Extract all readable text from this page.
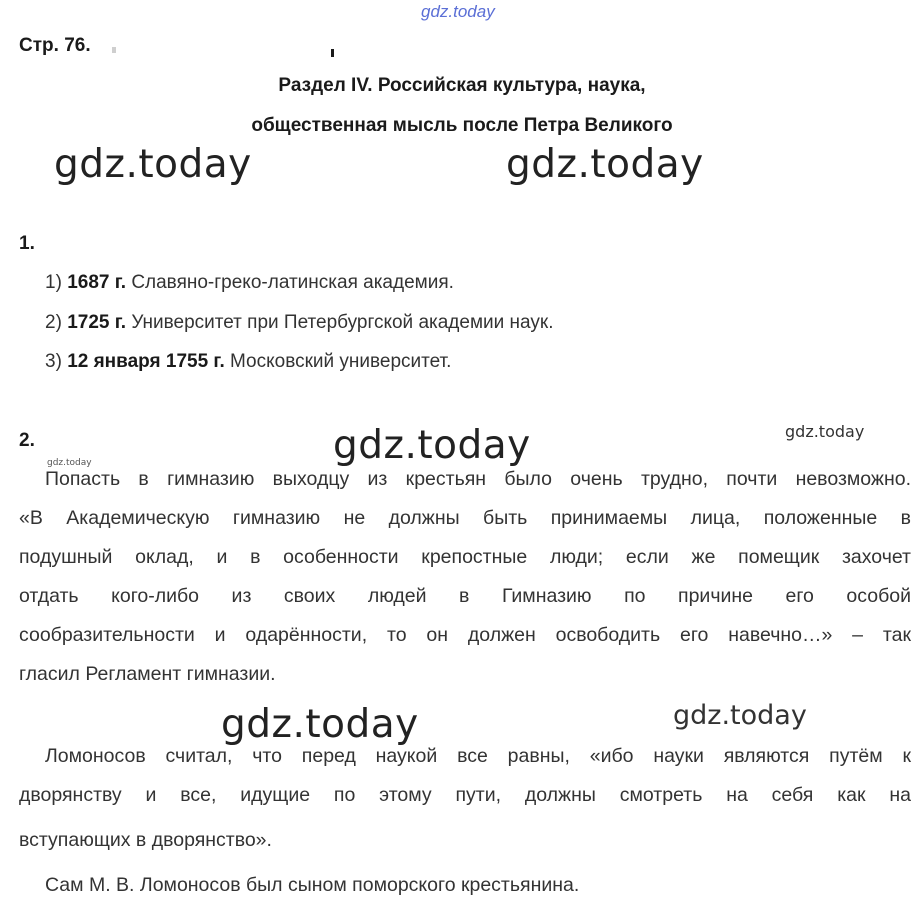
gdz.today
gdz.today	gdz.today
gdz.today	gdz.today
gdz.today
gdz.today	gdz.today
Стр. 76.
Раздел IV. Российская культура, наука,
общественная мысль после Петра Великого
1.
1) 1687 г. Славяно-греко-латинская академия.
2) 1725 г. Университет при Петербургской академии наук.
3) 12 января 1755 г. Московский университет.
2.
Попасть в гимназию выходцу из крестьян было очень трудно, почти невозможно.
«В Академическую гимназию не должны быть принимаемы лица, положенные в
подушный оклад, и в особенности крепостные люди; если же помещик захочет
отдать кого-либо из своих людей в Гимназию по причине его особой
сообразительности и одарённости, то он должен освободить его навечно…» – так
гласил Регламент гимназии.
Ломоносов считал, что перед наукой все равны, «ибо науки являются путём к
дворянству и все, идущие по этому пути, должны смотреть на себя как на
вступающих в дворянство».
Сам М. В. Ломоносов был сыном поморского крестьянина.
